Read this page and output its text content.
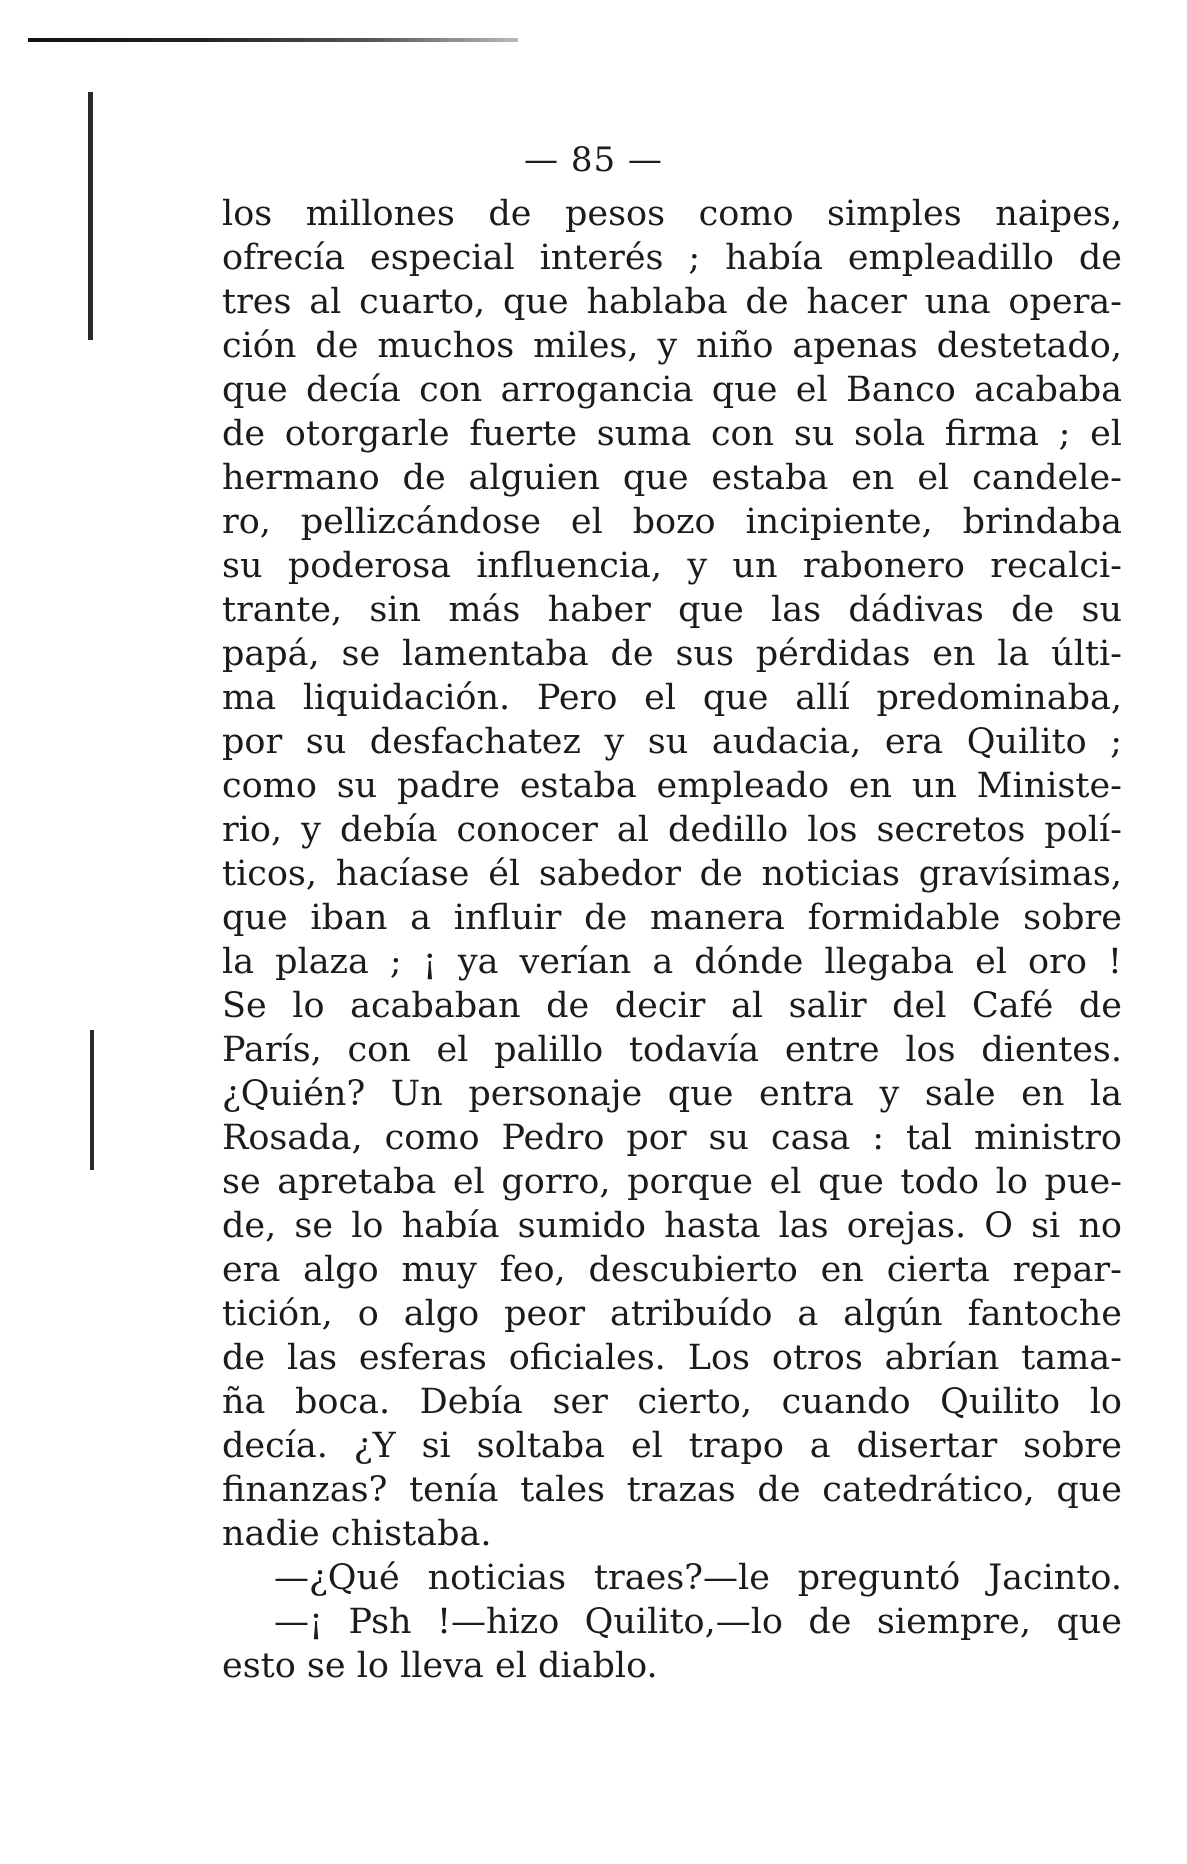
— 85 —
los millones de pesos como simples naipes,
ofrecía especial interés ; había empleadillo de
tres al cuarto, que hablaba de hacer una opera-
ción de muchos miles, y niño apenas destetado,
que decía con arrogancia que el Banco acababa
de otorgarle fuerte suma con su sola firma ; el
hermano de alguien que estaba en el candele-
ro, pellizcándose el bozo incipiente, brindaba
su poderosa influencia, y un rabonero recalci-
trante, sin más haber que las dádivas de su
papá, se lamentaba de sus pérdidas en la últi-
ma liquidación. Pero el que allí predominaba,
por su desfachatez y su audacia, era Quilito ;
como su padre estaba empleado en un Ministe-
rio, y debía conocer al dedillo los secretos polí-
ticos, hacíase él sabedor de noticias gravísimas,
que iban a influir de manera formidable sobre
la plaza ; ¡ ya verían a dónde llegaba el oro !
Se lo acababan de decir al salir del Café de
París, con el palillo todavía entre los dientes.
¿Quién? Un personaje que entra y sale en la
Rosada, como Pedro por su casa : tal ministro
se apretaba el gorro, porque el que todo lo pue-
de, se lo había sumido hasta las orejas. O si no
era algo muy feo, descubierto en cierta repar-
tición, o algo peor atribuído a algún fantoche
de las esferas oficiales. Los otros abrían tama-
ña boca. Debía ser cierto, cuando Quilito lo
decía. ¿Y si soltaba el trapo a disertar sobre
finanzas? tenía tales trazas de catedrático, que
nadie chistaba.
—¿Qué noticias traes?—le preguntó Jacinto.
—¡ Psh !—hizo Quilito,—lo de siempre, que
esto se lo lleva el diablo.
